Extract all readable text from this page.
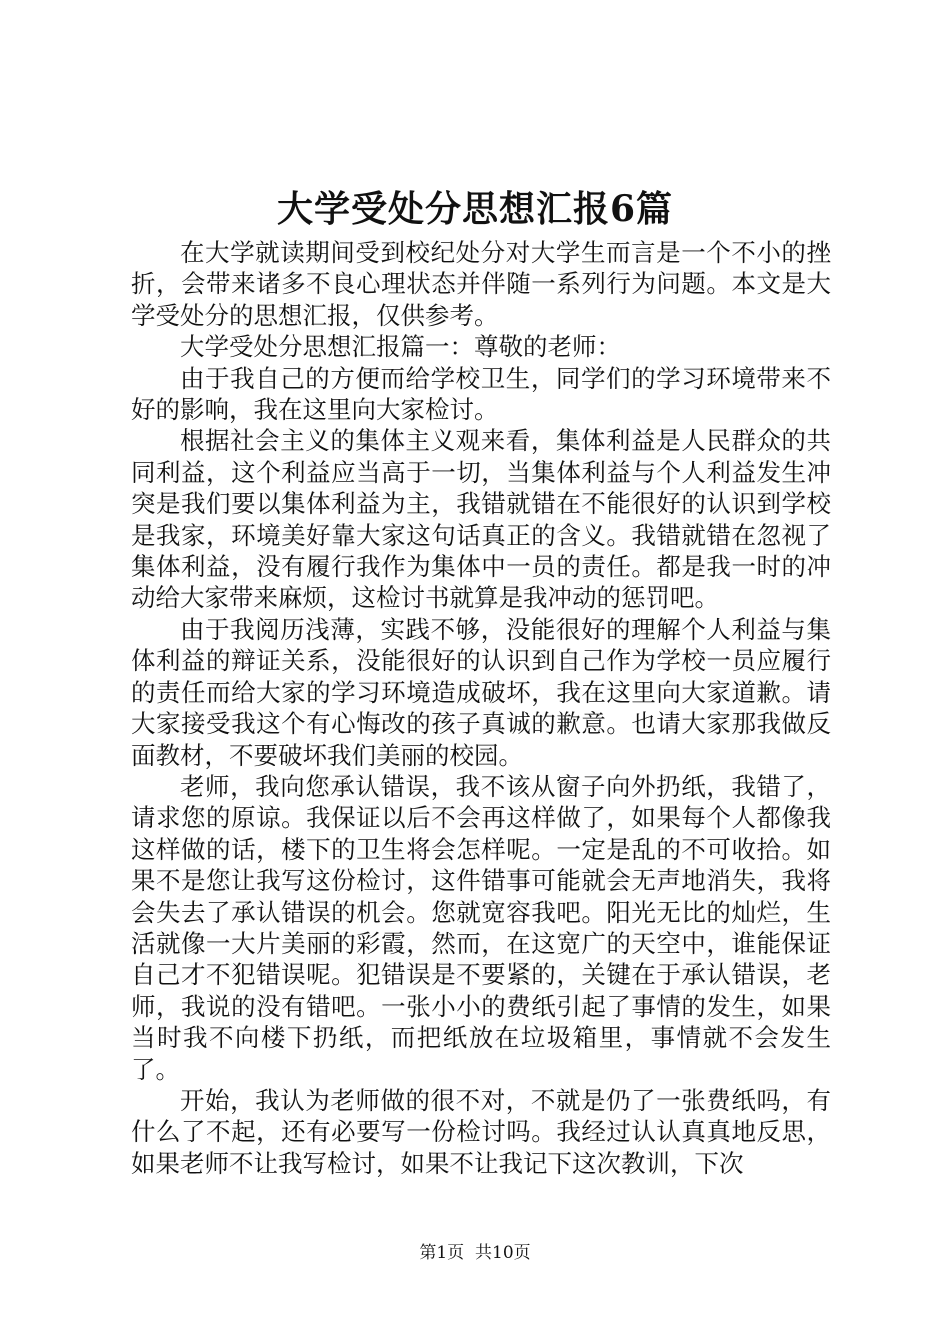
大学受处分思想汇报6篇

在大学就读期间受到校纪处分对大学生而言是一个不小的挫折，会带来诸多不良心理状态并伴随一系列行为问题。本文是大学受处分的思想汇报，仅供参考。

大学受处分思想汇报篇一：尊敬的老师：

由于我自己的方便而给学校卫生，同学们的学习环境带来不好的影响，我在这里向大家检讨。

根据社会主义的集体主义观来看，集体利益是人民群众的共同利益，这个利益应当高于一切，当集体利益与个人利益发生冲突是我们要以集体利益为主，我错就错在不能很好的认识到学校是我家，环境美好靠大家这句话真正的含义。我错就错在忽视了集体利益，没有履行我作为集体中一员的责任。都是我一时的冲动给大家带来麻烦，这检讨书就算是我冲动的惩罚吧。

由于我阅历浅薄，实践不够，没能很好的理解个人利益与集体利益的辩证关系，没能很好的认识到自己作为学校一员应履行的责任而给大家的学习环境造成破坏，我在这里向大家道歉。请大家接受我这个有心悔改的孩子真诚的歉意。也请大家那我做反面教材，不要破坏我们美丽的校园。

老师，我向您承认错误，我不该从窗子向外扔纸，我错了，请求您的原谅。我保证以后不会再这样做了，如果每个人都像我这样做的话，楼下的卫生将会怎样呢。一定是乱的不可收拾。如果不是您让我写这份检讨，这件错事可能就会无声地消失，我将会失去了承认错误的机会。您就宽容我吧。阳光无比的灿烂，生活就像一大片美丽的彩霞，然而，在这宽广的天空中，谁能保证自己才不犯错误呢。犯错误是不要紧的，关键在于承认错误，老师，我说的没有错吧。一张小小的费纸引起了事情的发生，如果当时我不向楼下扔纸，而把纸放在垃圾箱里，事情就不会发生了。

开始，我认为老师做的很不对，不就是仍了一张费纸吗，有什么了不起，还有必要写一份检讨吗。我经过认认真真地反思，如果老师不让我写检讨，如果不让我记下这次教训，下次

第1页 共10页
